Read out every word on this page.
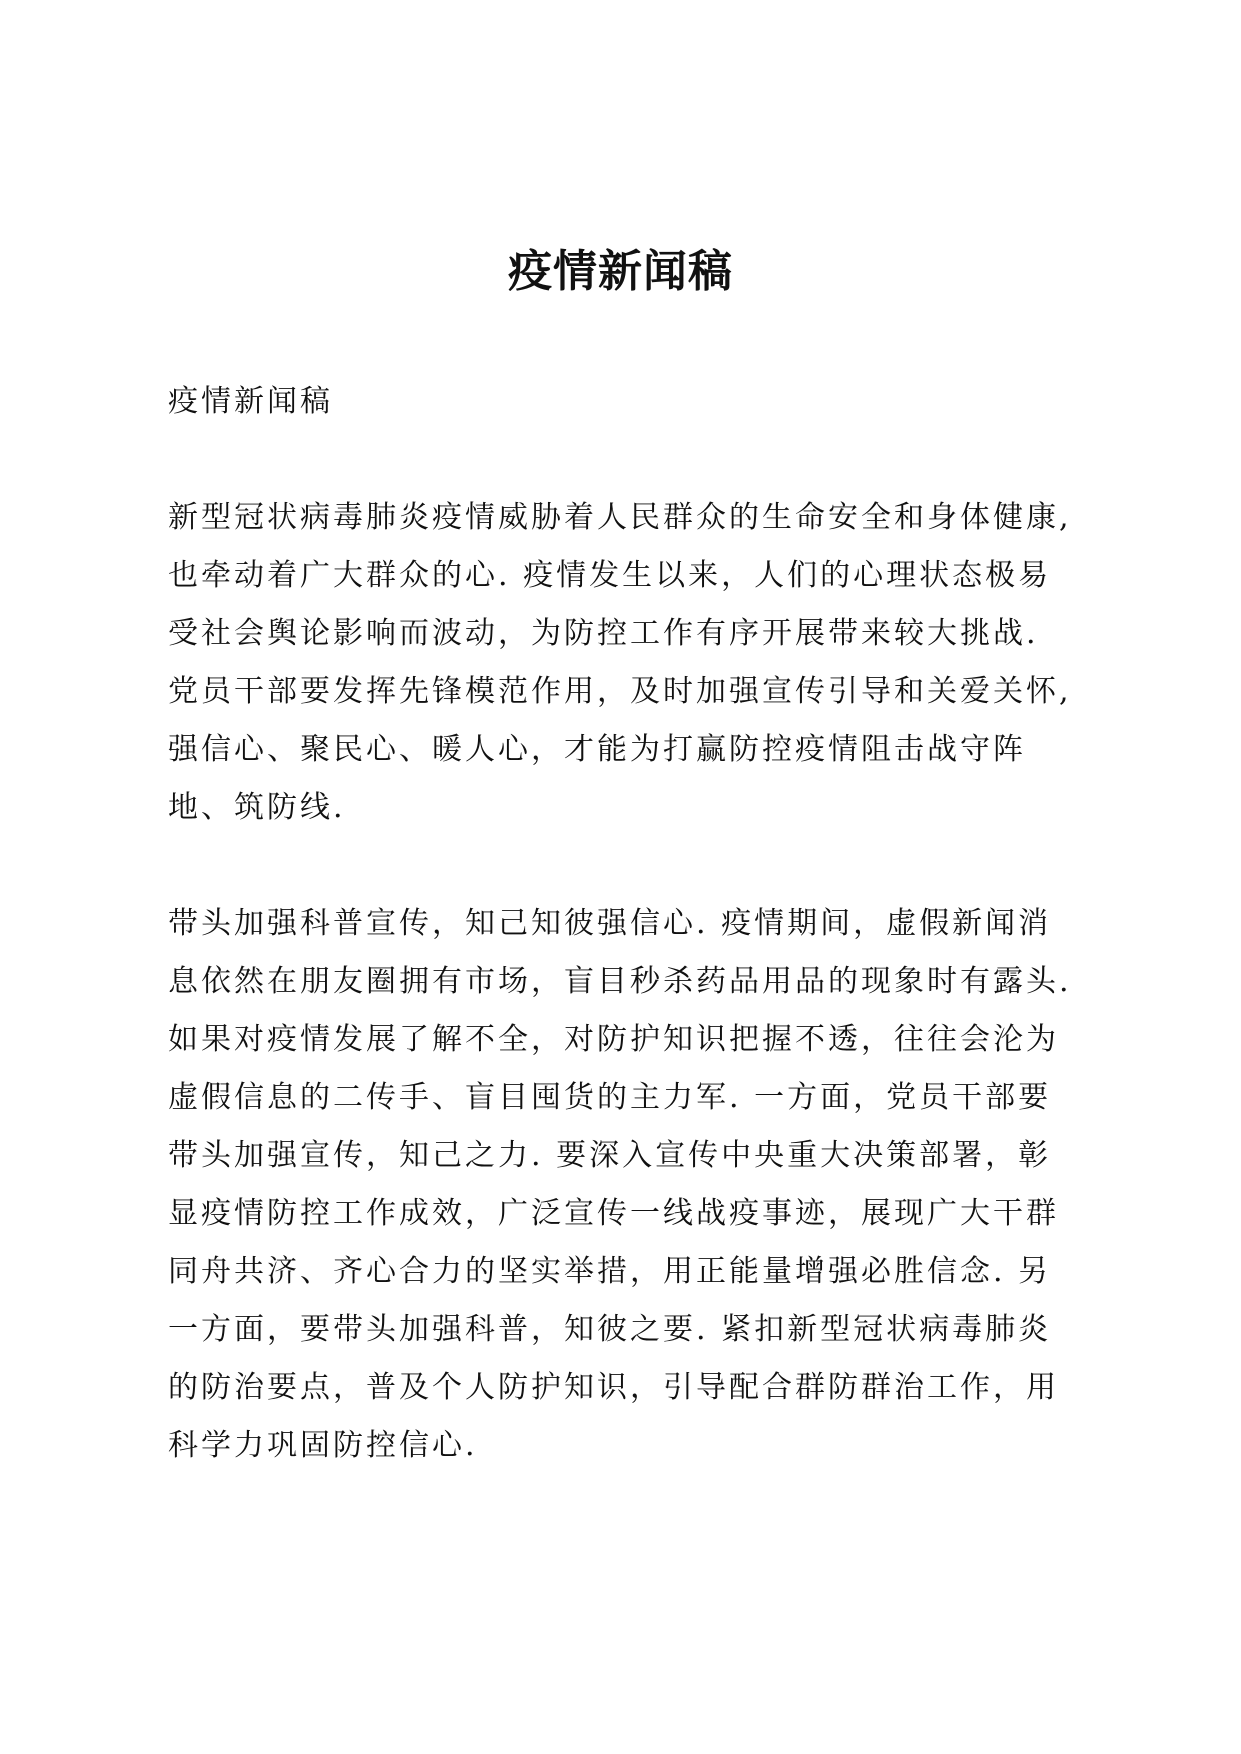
疫情新闻稿
疫情新闻稿
新型冠状病毒肺炎疫情威胁着人民群众的生命安全和身体健康,
也牵动着广大群众的心. 疫情发生以来，人们的心理状态极易
受社会舆论影响而波动，为防控工作有序开展带来较大挑战.
党员干部要发挥先锋模范作用，及时加强宣传引导和关爱关怀,
强信心、聚民心、暖人心，才能为打赢防控疫情阻击战守阵
地、筑防线.
带头加强科普宣传，知己知彼强信心. 疫情期间，虚假新闻消
息依然在朋友圈拥有市场，盲目秒杀药品用品的现象时有露头.
如果对疫情发展了解不全，对防护知识把握不透，往往会沦为
虚假信息的二传手、盲目囤货的主力军. 一方面，党员干部要
带头加强宣传，知己之力. 要深入宣传中央重大决策部署，彰
显疫情防控工作成效，广泛宣传一线战疫事迹，展现广大干群
同舟共济、齐心合力的坚实举措，用正能量增强必胜信念. 另
一方面，要带头加强科普，知彼之要. 紧扣新型冠状病毒肺炎
的防治要点，普及个人防护知识，引导配合群防群治工作，用
科学力巩固防控信心.
